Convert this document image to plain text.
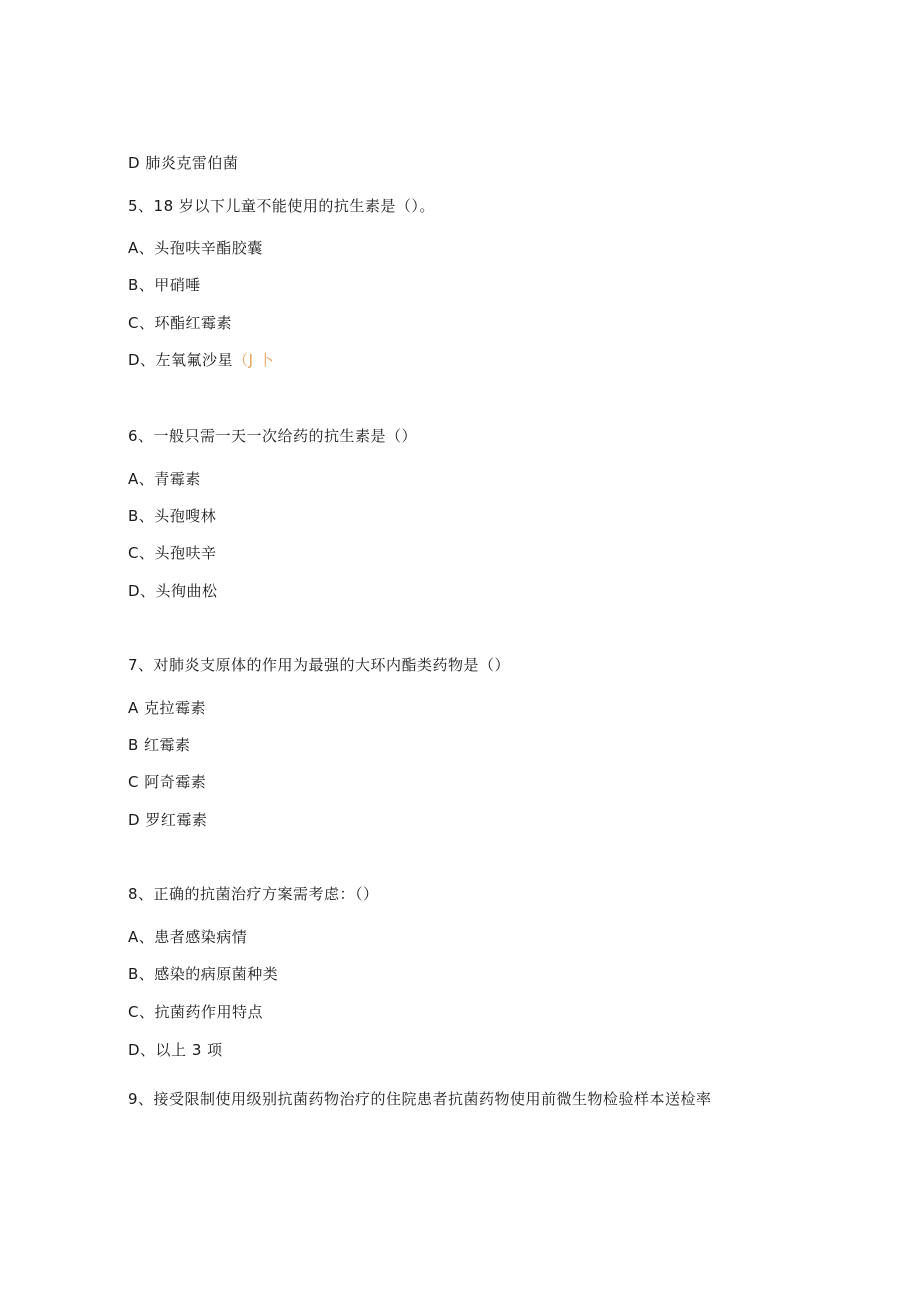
D 肺炎克雷伯菌
5、18 岁以下儿童不能使用的抗生素是（）。
A、头孢呋辛酯胶囊
B、甲硝唾
C、环酯红霉素
D、左氧氟沙星（J 卜
6、一般只需一天一次给药的抗生素是（）
A、青霉素
B、头孢嗖林
C、头孢呋辛
D、头徇曲松
7、对肺炎支原体的作用为最强的大环内酯类药物是（）
A 克拉霉素
B 红霉素
C 阿奇霉素
D 罗红霉素
8、正确的抗菌治疗方案需考虑：（）
A、患者感染病情
B、感染的病原菌种类
C、抗菌药作用特点
D、以上 3 项
9、接受限制使用级别抗菌药物治疗的住院患者抗菌药物使用前微生物检验样本送检率
